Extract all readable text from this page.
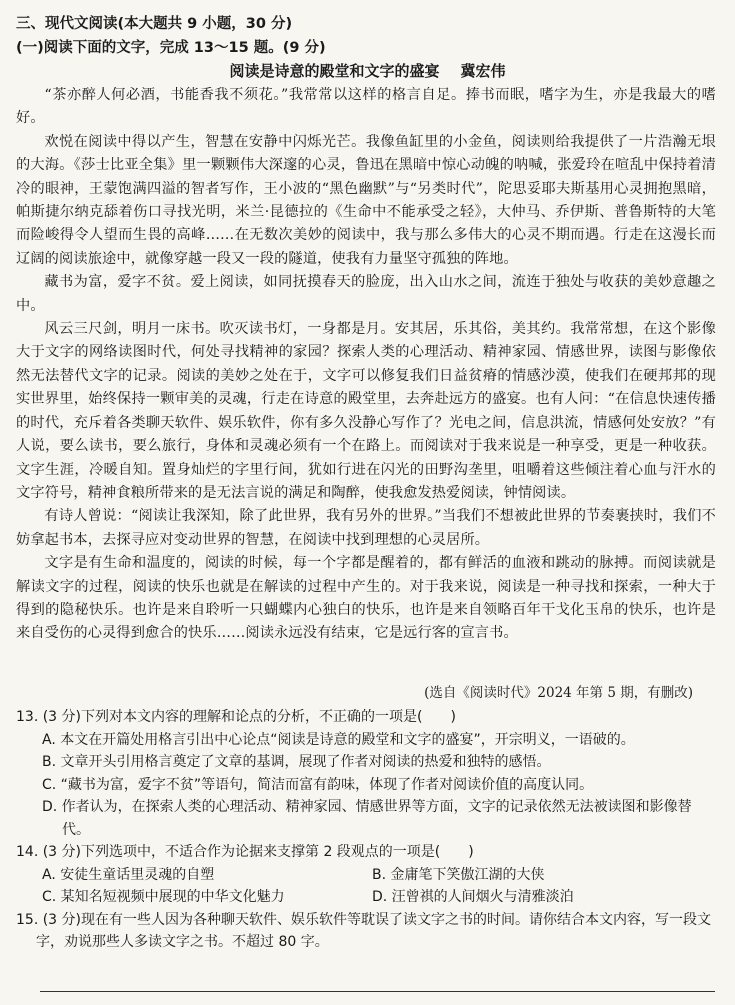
三、现代文阅读(本大题共 9 小题，30 分)
(一)阅读下面的文字，完成 13～15 题。(9 分)
阅读是诗意的殿堂和文字的盛宴 冀宏伟

“茶亦醉人何必酒，书能香我不须花。”我常常以这样的格言自足。捧书而眠，嗜字为生，亦是我最大的嗜好。

欢悦在阅读中得以产生，智慧在安静中闪烁光芒。我像鱼缸里的小金鱼，阅读则给我提供了一片浩瀚无垠的大海。《莎士比亚全集》里一颗颗伟大深邃的心灵，鲁迅在黑暗中惊心动魄的呐喊，张爱玲在喧乱中保持着清冷的眼神，王蒙饱满四溢的智者写作，王小波的“黑色幽默”与“另类时代”，陀思妥耶夫斯基用心灵拥抱黑暗，帕斯捷尔纳克舔着伤口寻找光明，米兰·昆德拉的《生命中不能承受之轻》，大仲马、乔伊斯、普鲁斯特的大笔而险峻得令人望而生畏的高峰……在无数次美妙的阅读中，我与那么多伟大的心灵不期而遇。行走在这漫长而辽阔的阅读旅途中，就像穿越一段又一段的隧道，使我有力量坚守孤独的阵地。

藏书为富，爱字不贫。爱上阅读，如同抚摸春天的脸庞，出入山水之间，流连于独处与收获的美妙意趣之中。

风云三尺剑，明月一床书。吹灭读书灯，一身都是月。安其居，乐其俗，美其约。我常常想，在这个影像大于文字的网络读图时代，何处寻找精神的家园？探索人类的心理活动、精神家园、情感世界，读图与影像依然无法替代文字的记录。阅读的美妙之处在于，文字可以修复我们日益贫瘠的情感沙漠，使我们在硬邦邦的现实世界里，始终保持一颗审美的灵魂，行走在诗意的殿堂里，去奔赴远方的盛宴。也有人问：“在信息快速传播的时代，充斥着各类聊天软件、娱乐软件，你有多久没静心写作了？光电之间，信息洪流，情感何处安放？”有人说，要么读书，要么旅行，身体和灵魂必须有一个在路上。而阅读对于我来说是一种享受，更是一种收获。文字生涯，冷暖自知。置身灿烂的字里行间，犹如行进在闪光的田野沟垄里，咀嚼着这些倾注着心血与汗水的文字符号，精神食粮所带来的是无法言说的满足和陶醉，使我愈发热爱阅读，钟情阅读。

有诗人曾说：“阅读让我深知，除了此世界，我有另外的世界。”当我们不想被此世界的节奏裹挟时，我们不妨拿起书本，去探寻应对变动世界的智慧，在阅读中找到理想的心灵居所。

文字是有生命和温度的，阅读的时候，每一个字都是醒着的，都有鲜活的血液和跳动的脉搏。而阅读就是解读文字的过程，阅读的快乐也就是在解读的过程中产生的。对于我来说，阅读是一种寻找和探索，一种大于得到的隐秘快乐。也许是来自聆听一只蝴蝶内心独白的快乐，也许是来自领略百年干戈化玉帛的快乐，也许是来自受伤的心灵得到愈合的快乐……阅读永远没有结束，它是远行客的宣言书。

(选自《阅读时代》2024 年第 5 期，有删改)

13. (3 分)下列对本文内容的理解和论点的分析，不正确的一项是(　　)

A. 本文在开篇处用格言引出中心论点“阅读是诗意的殿堂和文字的盛宴”，开宗明义，一语破的。

B. 文章开头引用格言奠定了文章的基调，展现了作者对阅读的热爱和独特的感悟。

C. “藏书为富，爱字不贫”等语句，简洁而富有韵味，体现了作者对阅读价值的高度认同。

D. 作者认为，在探索人类的心理活动、精神家园、情感世界等方面，文字的记录依然无法被读图和影像替代。

14. (3 分)下列选项中，不适合作为论据来支撑第 2 段观点的一项是(　　)

A. 安徒生童话里灵魂的自塑	B. 金庸笔下笑傲江湖的大侠
C. 某知名短视频中展现的中华文化魅力	D. 汪曾祺的人间烟火与清雅淡泊

15. (3 分)现在有一些人因为各种聊天软件、娱乐软件等耽误了读文字之书的时间。请你结合本文内容，写一段文字，劝说那些人多读文字之书。不超过 80 字。
